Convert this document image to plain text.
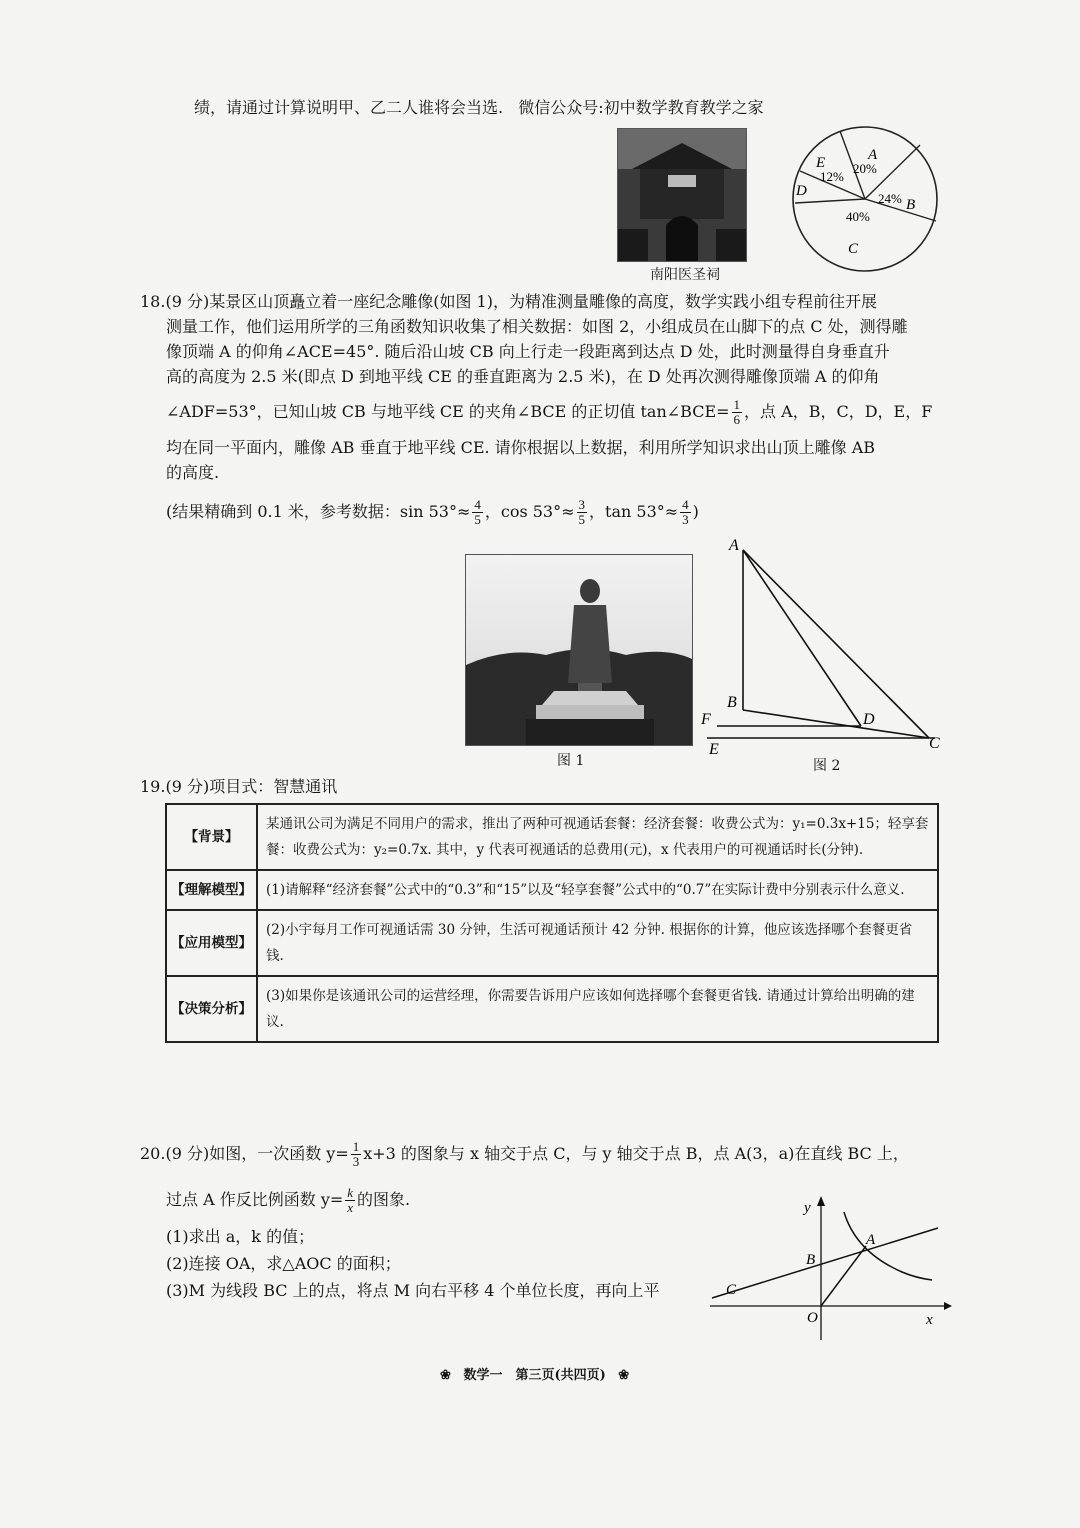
绩，请通过计算说明甲、乙二人谁将会当选. 微信公众号:初中数学教育教学之家
南阳医圣祠
A
B
C
D
E 20%
24%
40%
12%
18.(9 分)某景区山顶矗立着一座纪念雕像(如图 1)，为精准测量雕像的高度，数学实践小组专程前往开展
测量工作，他们运用所学的三角函数知识收集了相关数据：如图 2，小组成员在山脚下的点 C 处，测得雕
像顶端 A 的仰角∠ACE=45°. 随后沿山坡 CB 向上行走一段距离到达点 D 处，此时测量得自身垂直升
高的高度为 2.5 米(即点 D 到地平线 CE 的垂直距离为 2.5 米)，在 D 处再次测得雕像顶端 A 的仰角
∠ADF=53°，已知山坡 CB 与地平线 CE 的夹角∠BCE 的正切值 tan∠BCE= $\frac{1}{6}$ ，点 A，B，C，D，E，F
均在同一平面内，雕像 AB 垂直于地平线 CE. 请你根据以上数据，利用所学知识求出山顶上雕像 AB
的高度.
(结果精确到 0.1 米，参考数据：$\sin 53^\circ\approx \frac{4}{5}$ ，$\cos 53^\circ\approx \frac{3}{5}$ ，$\tan 53^\circ\approx \frac{4}{3}$ )
图 1
A
B
D
F
E	C
图 2
19.(9 分)项目式：智慧通讯
【背景】	某通讯公司为满足不同用户的需求，推出了两种可视通话套餐：经济套餐：收费公式为：y₁=0.3x+15；轻享套餐：收费公式为：y₂=0.7x. 其中，y 代表可视通话的总费用(元)，x 代表用户的可视通话时长(分钟).
【理解模型】	(1)请解释“经济套餐”公式中的“0.3”和“15”以及“轻享套餐”公式中的“0.7”在实际计费中分别表示什么意义.
【应用模型】	(2)小宇每月工作可视通话需 30 分钟，生活可视通话预计 42 分钟. 根据你的计算，他应该选择哪个套餐更省钱.
【决策分析】	(3)如果你是该通讯公司的运营经理，你需要告诉用户应该如何选择哪个套餐更省钱. 请通过计算给出明确的建议.
20.(9 分)如图，一次函数 $y= \frac{1}{3} x+3$ 的图象与 x 轴交于点 C，与 y 轴交于点 B，点 A(3，a)在直线 BC 上，
过点 A 作反比例函数 $y= \frac{k}{x}$ 的图象.
(1)求出 a，k 的值；
(2)连接 OA，求△AOC 的面积；
(3)M 为线段 BC 上的点，将点 M 向右平移 4 个单位长度，再向上平
y
A
B
C
O	x
❀ 数学一　第三页(共四页) ❀
